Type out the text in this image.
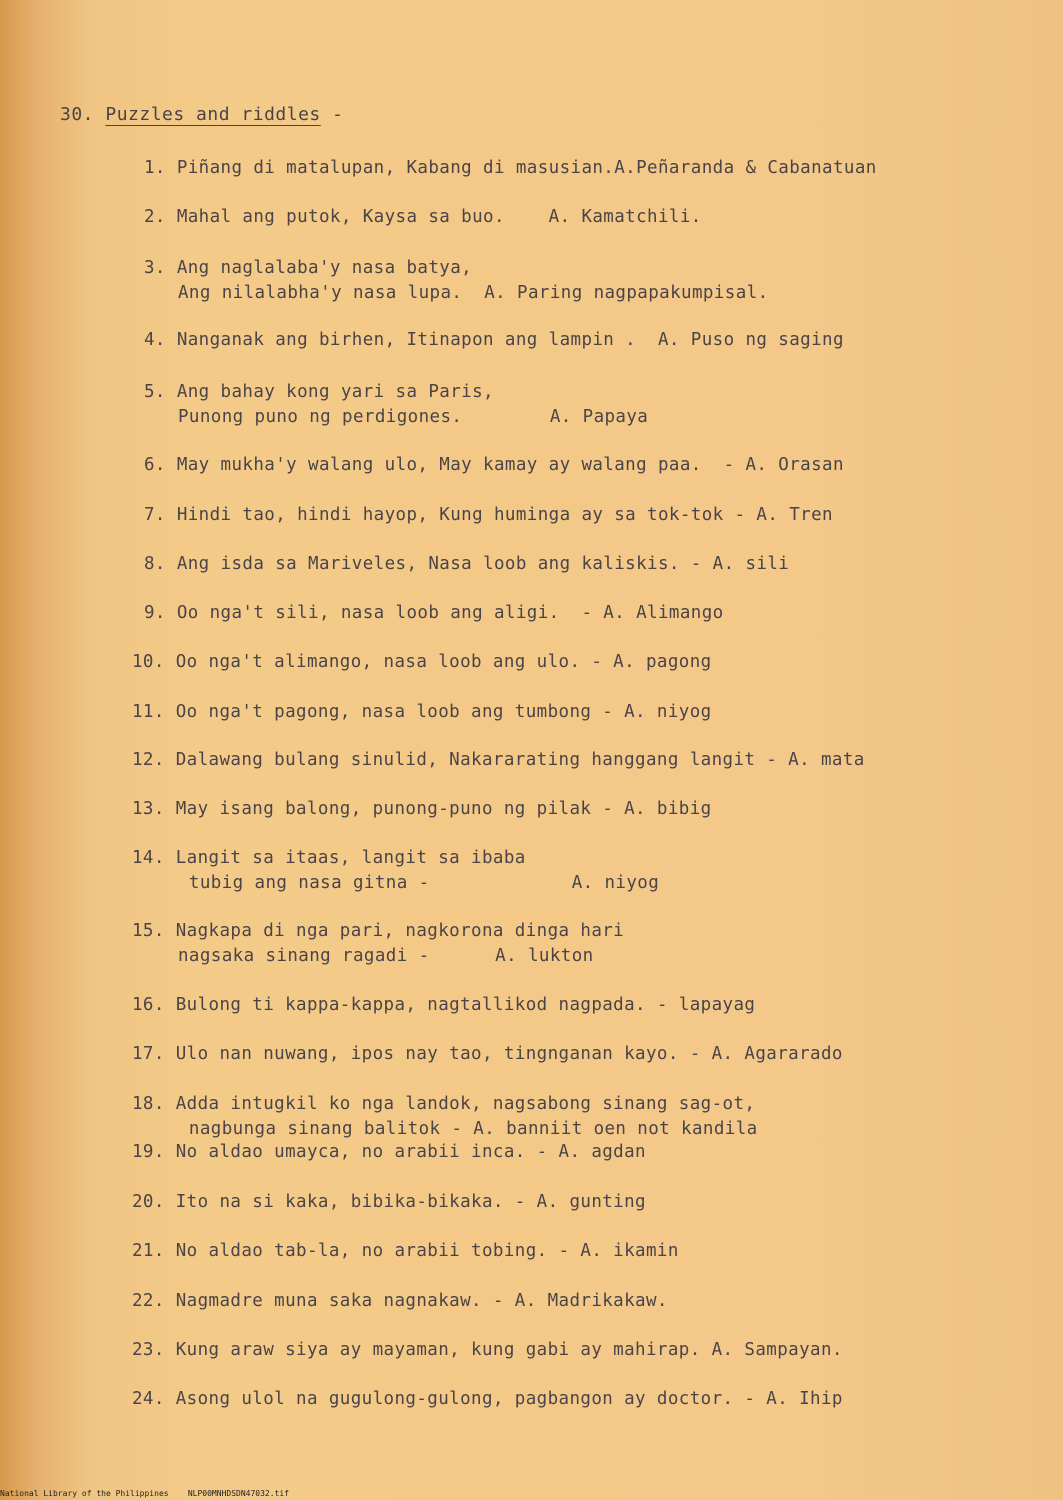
30. Puzzles and riddles -
1. Piñang di matalupan, Kabang di masusian.A.Peñaranda & Cabanatuan
2. Mahal ang putok, Kaysa sa buo.    A. Kamatchili.
3. Ang naglalaba'y nasa batya,
Ang nilalabha'y nasa lupa.  A. Paring nagpapakumpisal.
4. Nanganak ang birhen, Itinapon ang lampin .  A. Puso ng saging
5. Ang bahay kong yari sa Paris,
Punong puno ng perdigones.        A. Papaya
6. May mukha'y walang ulo, May kamay ay walang paa.  - A. Orasan
7. Hindi tao, hindi hayop, Kung huminga ay sa tok-tok - A. Tren
8. Ang isda sa Mariveles, Nasa loob ang kaliskis. - A. sili
9. Oo nga't sili, nasa loob ang aligi.  - A. Alimango
10. Oo nga't alimango, nasa loob ang ulo. - A. pagong
11. Oo nga't pagong, nasa loob ang tumbong - A. niyog
12. Dalawang bulang sinulid, Nakararating hanggang langit - A. mata
13. May isang balong, punong-puno ng pilak - A. bibig
14. Langit sa itaas, langit sa ibaba
tubig ang nasa gitna -             A. niyog
15. Nagkapa di nga pari, nagkorona dinga hari
nagsaka sinang ragadi -      A. lukton
16. Bulong ti kappa-kappa, nagtallikod nagpada. - lapayag
17. Ulo nan nuwang, ipos nay tao, tingnganan kayo. - A. Agararado
18. Adda intugkil ko nga landok, nagsabong sinang sag-ot,
nagbunga sinang balitok - A. banniit oen not kandila
19. No aldao umayca, no arabii inca. - A. agdan
20. Ito na si kaka, bibika-bikaka. - A. gunting
21. No aldao tab-la, no arabii tobing. - A. ikamin
22. Nagmadre muna saka nagnakaw. - A. Madrikakaw.
23. Kung araw siya ay mayaman, kung gabi ay mahirap. A. Sampayan.
24. Asong ulol na gugulong-gulong, pagbangon ay doctor. - A. Ihip
National Library of the Philippines    NLP00MNHDSDN47032.tif
